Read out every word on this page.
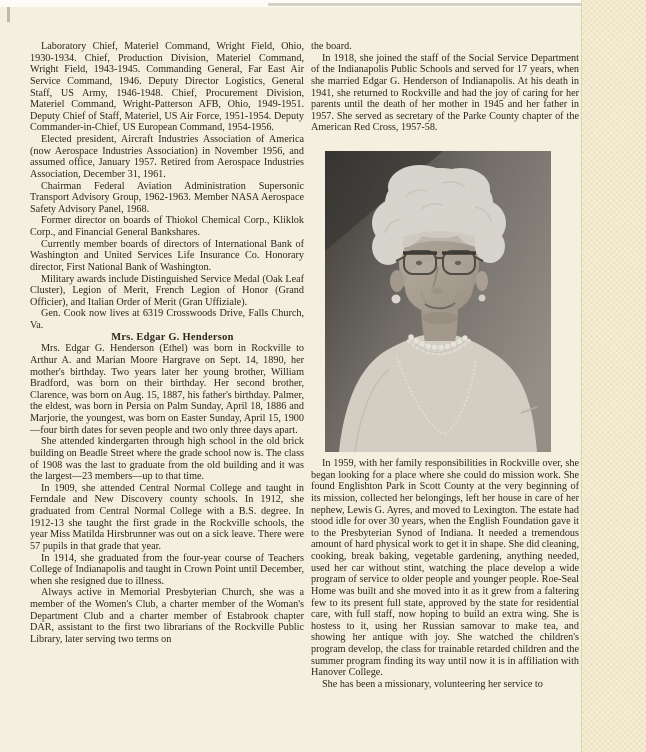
Laboratory Chief, Materiel Command, Wright Field, Ohio, 1930-1934. Chief, Production Division, Materiel Command, Wright Field, 1943-1945. Commanding General, Far East Air Service Command, 1946. Deputy Director Logistics, General Staff, US Army, 1946-1948. Chief, Procurement Division, Materiel Command, Wright-Patterson AFB, Ohio, 1949-1951. Deputy Chief of Staff, Materiel, US Air Force, 1951-1954. Deputy Commander-in-Chief, US European Command, 1954-1956.

Elected president, Aircraft Industries Association of America (now Aerospace Industries Association) in November 1956, and assumed office, January 1957. Retired from Aerospace Industries Association, December 31, 1961.

Chairman Federal Aviation Administration Supersonic Transport Advisory Group, 1962-1963. Member NASA Aerospace Safety Advisory Panel, 1968.

Former director on boards of Thiokol Chemical Corp., Kliklok Corp., and Financial General Bankshares.

Currently member boards of directors of International Bank of Washington and United Services Life Insurance Co. Honorary director, First National Bank of Washington.

Military awards include Distinguished Service Medal (Oak Leaf Cluster), Legion of Merit, French Legion of Honor (Grand Officier), and Italian Order of Merit (Gran Uffiziale).

Gen. Cook now lives at 6319 Crosswoods Drive, Falls Church, Va.

Mrs. Edgar G. Henderson

Mrs. Edgar G. Henderson (Ethel) was born in Rockville to Arthur A. and Marian Moore Hargrave on Sept. 14, 1890, her mother's birthday. Two years later her young brother, William Bradford, was born on their birthday. Her second brother, Clarence, was born on Aug. 15, 1887, his father's birthday. Palmer, the eldest, was born in Persia on Palm Sunday, April 18, 1886 and Marjorie, the youngest, was born on Easter Sunday, April 15, 1900—four birth dates for seven people and two only three days apart.

She attended kindergarten through high school in the old brick building on Beadle Street where the grade school now is. The class of 1908 was the last to graduate from the old building and it was the largest—23 members—up to that time.

In 1909, she attended Central Normal College and taught in Ferndale and New Discovery county schools. In 1912, she graduated from Central Normal College with a B.S. degree. In 1912-13 she taught the first grade in the Rockville schools, the year Miss Matilda Hirsbrunner was out on a sick leave. There were 57 pupils in that grade that year.

In 1914, she graduated from the four-year course of Teachers College of Indianapolis and taught in Crown Point until December, when she resigned due to illness.

Always active in Memorial Presbyterian Church, she was a member of the Women's Club, a charter member of the Woman's Department Club and a charter member of Estabrook chapter DAR, assistant to the first two librarians of the Rockville Public Library, later serving two terms on

the board.

In 1918, she joined the staff of the Social Service Department of the Indianapolis Public Schools and served for 17 years, when she married Edgar G. Henderson of Indianapolis. At his death in 1941, she returned to Rockville and had the joy of caring for her parents until the death of her mother in 1945 and her father in 1957. She served as secretary of the Parke County chapter of the American Red Cross, 1957-58.

In 1959, with her family responsibilities in Rockville over, she began looking for a place where she could do mission work. She found Englishton Park in Scott County at the very beginning of its mission, collected her belongings, left her house in care of her nephew, Lewis G. Ayres, and moved to Lexington. The estate had stood idle for over 30 years, when the English Foundation gave it to the Presbyterian Synod of Indiana. It needed a tremendous amount of hard physical work to get it in shape. She did cleaning, cooking, break baking, vegetable gardening, anything needed, used her car without stint, watching the place develop a wide program of service to older people and younger people. Roe-Seal Home was built and she moved into it as it grew from a faltering few to its present full state, approved by the state for residential care, with full staff, now hoping to build an extra wing. She is hostess to it, using her Russian samovar to make tea, and showing her antique with joy. She watched the children's program develop, the class for trainable retarded children and the summer program finding its way until now it is in affiliation with Hanover College.

She has been a missionary, volunteering her service to
